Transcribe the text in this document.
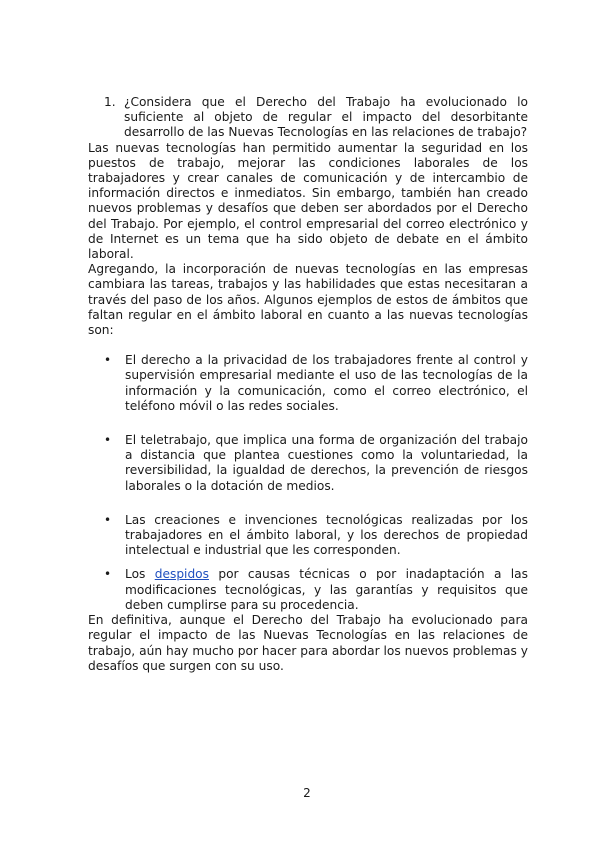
1. ¿Considera que el Derecho del Trabajo ha evolucionado lo suficiente al objeto de regular el impacto del desorbitante desarrollo de las Nuevas Tecnologías en las relaciones de trabajo?

Las nuevas tecnologías han permitido aumentar la seguridad en los puestos de trabajo, mejorar las condiciones laborales de los trabajadores y crear canales de comunicación y de intercambio de información directos e inmediatos. Sin embargo, también han creado nuevos problemas y desafíos que deben ser abordados por el Derecho del Trabajo. Por ejemplo, el control empresarial del correo electrónico y de Internet es un tema que ha sido objeto de debate en el ámbito laboral.

Agregando, la incorporación de nuevas tecnologías en las empresas cambiara las tareas, trabajos y las habilidades que estas necesitaran a través del paso de los años. Algunos ejemplos de estos de ámbitos que faltan regular en el ámbito laboral en cuanto a las nuevas tecnologías son:

•	El derecho a la privacidad de los trabajadores frente al control y supervisión empresarial mediante el uso de las tecnologías de la información y la comunicación, como el correo electrónico, el teléfono móvil o las redes sociales.
•	El teletrabajo, que implica una forma de organización del trabajo a distancia que plantea cuestiones como la voluntariedad, la reversibilidad, la igualdad de derechos, la prevención de riesgos laborales o la dotación de medios.
•	Las creaciones e invenciones tecnológicas realizadas por los trabajadores en el ámbito laboral, y los derechos de propiedad intelectual e industrial que les corresponden.
•	Los despidos por causas técnicas o por inadaptación a las modificaciones tecnológicas, y las garantías y requisitos que deben cumplirse para su procedencia.

En definitiva, aunque el Derecho del Trabajo ha evolucionado para regular el impacto de las Nuevas Tecnologías en las relaciones de trabajo, aún hay mucho por hacer para abordar los nuevos problemas y desafíos que surgen con su uso.

2
